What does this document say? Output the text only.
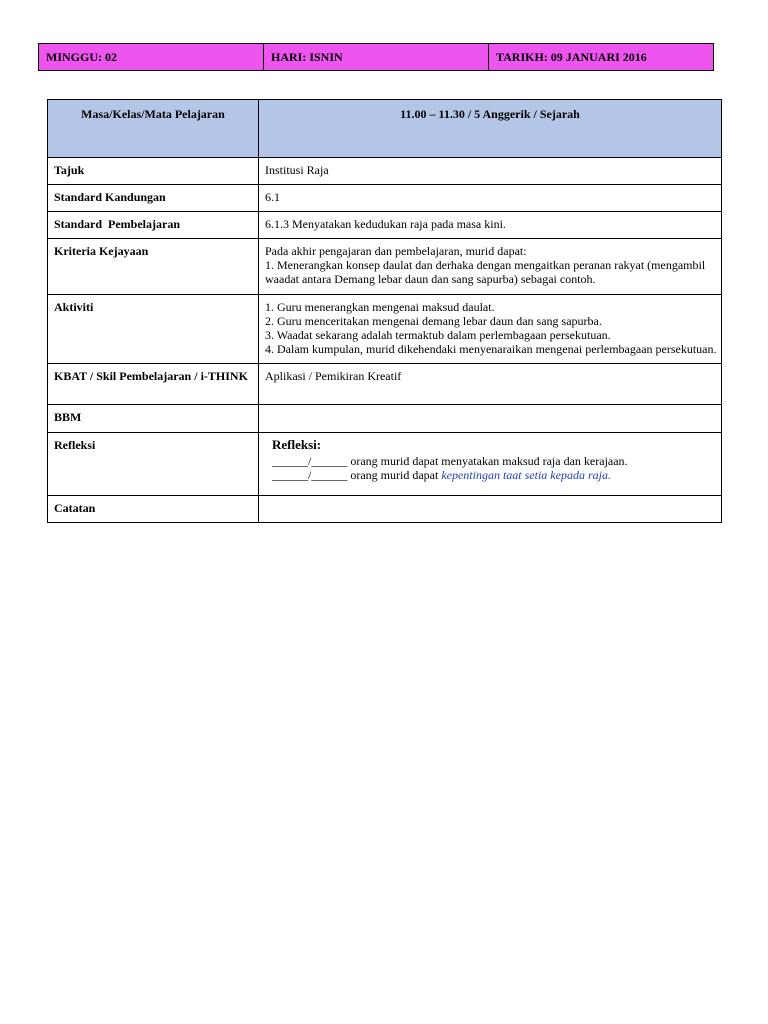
MINGGU: 02	HARI: ISNIN	TARIKH: 09 JANUARI 2016
Masa/Kelas/Mata Pelajaran	11.00 – 11.30 / 5 Anggerik / Sejarah
Tajuk	Institusi Raja
Standard Kandungan	6.1
Standard  Pembelajaran	6.1.3 Menyatakan kedudukan raja pada masa kini.
Kriteria Kejayaan	Pada akhir pengajaran dan pembelajaran, murid dapat:
1. Menerangkan konsep daulat dan derhaka dengan mengaitkan peranan rakyat (mengambil waadat antara Demang lebar daun dan sang sapurba) sebagai contoh.

Aktiviti	1. Guru menerangkan mengenai maksud daulat.
2. Guru menceritakan mengenai demang lebar daun dan sang sapurba.
3. Waadat sekarang adalah termaktub dalam perlembagaan persekutuan.
4. Dalam kumpulan, murid dikehendaki menyenaraikan mengenai perlembagaan persekutuan.

KBAT / Skil Pembelajaran / i-THINK	Aplikasi / Pemikiran Kreatif
BBM	
Refleksi	Refleksi:
______/______ orang murid dapat menyatakan maksud raja dan kerajaan.
______/______ orang murid dapat kepentingan taat setia kepada raja.

Catatan	
